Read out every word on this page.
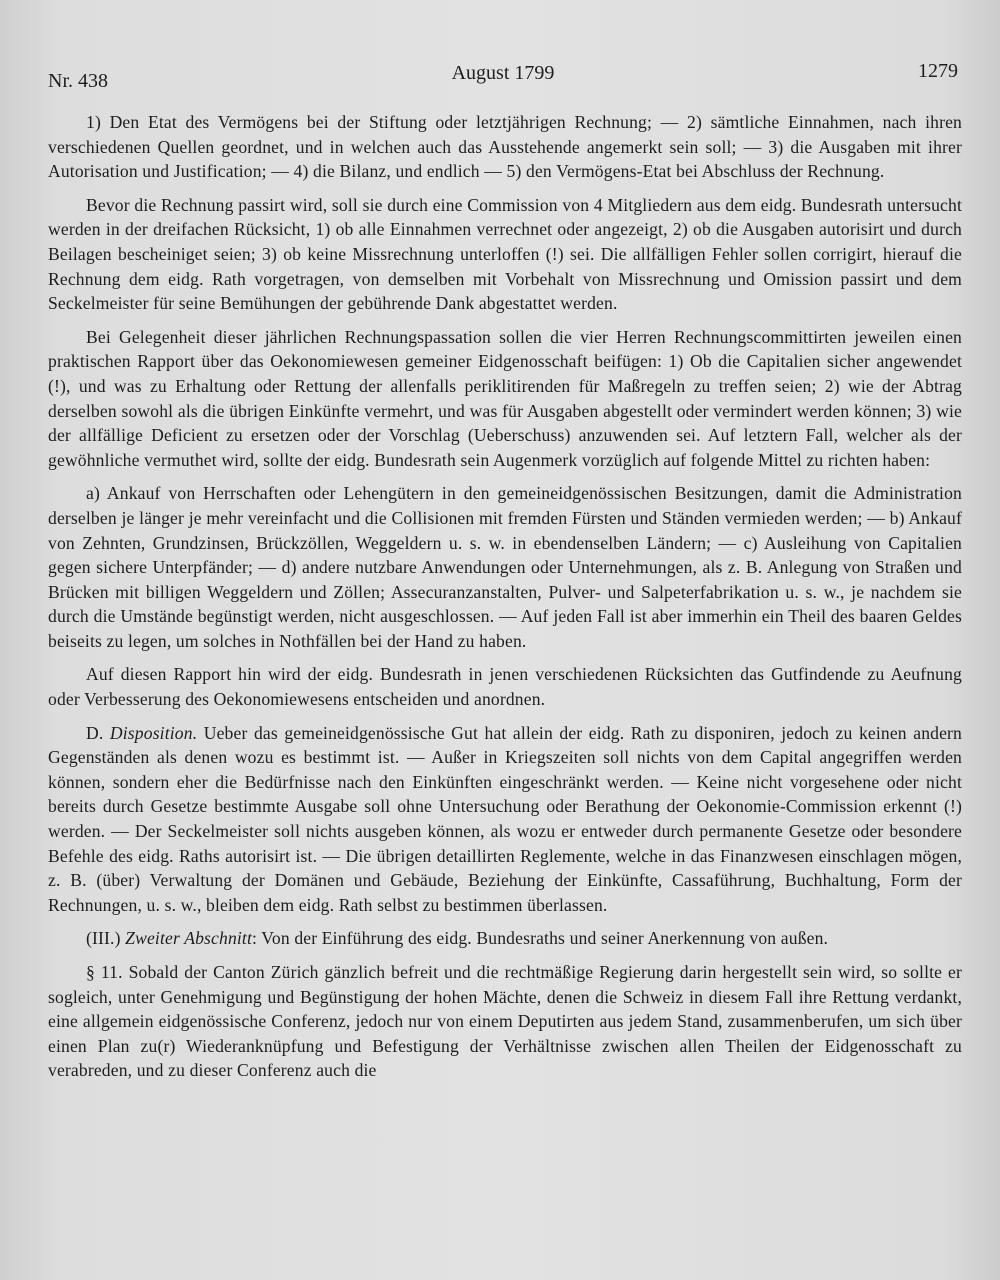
Nr. 438	August 1799	1279

1) Den Etat des Vermögens bei der Stiftung oder letztjährigen Rechnung; — 2) sämtliche Einnahmen, nach ihren verschiedenen Quellen geordnet, und in welchen auch das Ausstehende angemerkt sein soll; — 3) die Ausgaben mit ihrer Autorisation und Justification; — 4) die Bilanz, und endlich — 5) den Vermögens-Etat bei Abschluss der Rechnung.

Bevor die Rechnung passirt wird, soll sie durch eine Commission von 4 Mitgliedern aus dem eidg. Bundesrath untersucht werden in der dreifachen Rücksicht, 1) ob alle Einnahmen verrechnet oder angezeigt, 2) ob die Ausgaben autorisirt und durch Beilagen bescheiniget seien; 3) ob keine Missrechnung unterloffen (!) sei. Die allfälligen Fehler sollen corrigirt, hierauf die Rechnung dem eidg. Rath vorgetragen, von demselben mit Vorbehalt von Missrechnung und Omission passirt und dem Seckelmeister für seine Bemühungen der gebührende Dank abgestattet werden.

Bei Gelegenheit dieser jährlichen Rechnungspassation sollen die vier Herren Rechnungscommittirten jeweilen einen praktischen Rapport über das Oekonomiewesen gemeiner Eidgenosschaft beifügen: 1) Ob die Capitalien sicher angewendet (!), und was zu Erhaltung oder Rettung der allenfalls periklitirenden für Maßregeln zu treffen seien; 2) wie der Abtrag derselben sowohl als die übrigen Einkünfte vermehrt, und was für Ausgaben abgestellt oder vermindert werden können; 3) wie der allfällige Deficient zu ersetzen oder der Vorschlag (Ueberschuss) anzuwenden sei. Auf letztern Fall, welcher als der gewöhnliche vermuthet wird, sollte der eidg. Bundesrath sein Augenmerk vorzüglich auf folgende Mittel zu richten haben:

a) Ankauf von Herrschaften oder Lehengütern in den gemeineidgenössischen Besitzungen, damit die Administration derselben je länger je mehr vereinfacht und die Collisionen mit fremden Fürsten und Ständen vermieden werden; — b) Ankauf von Zehnten, Grundzinsen, Brückzöllen, Weggeldern u. s. w. in ebendenselben Ländern; — c) Ausleihung von Capitalien gegen sichere Unterpfänder; — d) andere nutzbare Anwendungen oder Unternehmungen, als z. B. Anlegung von Straßen und Brücken mit billigen Weggeldern und Zöllen; Assecuranzanstalten, Pulver- und Salpeterfabrikation u. s. w., je nachdem sie durch die Umstände begünstigt werden, nicht ausgeschlossen. — Auf jeden Fall ist aber immerhin ein Theil des baaren Geldes beiseits zu legen, um solches in Nothfällen bei der Hand zu haben.

Auf diesen Rapport hin wird der eidg. Bundesrath in jenen verschiedenen Rücksichten das Gutfindende zu Aeufnung oder Verbesserung des Oekonomiewesens entscheiden und anordnen.

D. Disposition. Ueber das gemeineidgenössische Gut hat allein der eidg. Rath zu disponiren, jedoch zu keinen andern Gegenständen als denen wozu es bestimmt ist. — Außer in Kriegszeiten soll nichts von dem Capital angegriffen werden können, sondern eher die Bedürfnisse nach den Einkünften eingeschränkt werden. — Keine nicht vorgesehene oder nicht bereits durch Gesetze bestimmte Ausgabe soll ohne Untersuchung oder Berathung der Oekonomie-Commission erkennt (!) werden. — Der Seckelmeister soll nichts ausgeben können, als wozu er entweder durch permanente Gesetze oder besondere Befehle des eidg. Raths autorisirt ist. — Die übrigen detaillirten Reglemente, welche in das Finanzwesen einschlagen mögen, z. B. (über) Verwaltung der Domänen und Gebäude, Beziehung der Einkünfte, Cassaführung, Buchhaltung, Form der Rechnungen, u. s. w., bleiben dem eidg. Rath selbst zu bestimmen überlassen.

(III.) Zweiter Abschnitt: Von der Einführung des eidg. Bundesraths und seiner Anerkennung von außen.

§ 11. Sobald der Canton Zürich gänzlich befreit und die rechtmäßige Regierung darin hergestellt sein wird, so sollte er sogleich, unter Genehmigung und Begünstigung der hohen Mächte, denen die Schweiz in diesem Fall ihre Rettung verdankt, eine allgemein eidgenössische Conferenz, jedoch nur von einem Deputirten aus jedem Stand, zusammenberufen, um sich über einen Plan zu(r) Wiederanknüpfung und Befestigung der Verhältnisse zwischen allen Theilen der Eidgenosschaft zu verabreden, und zu dieser Conferenz auch die
